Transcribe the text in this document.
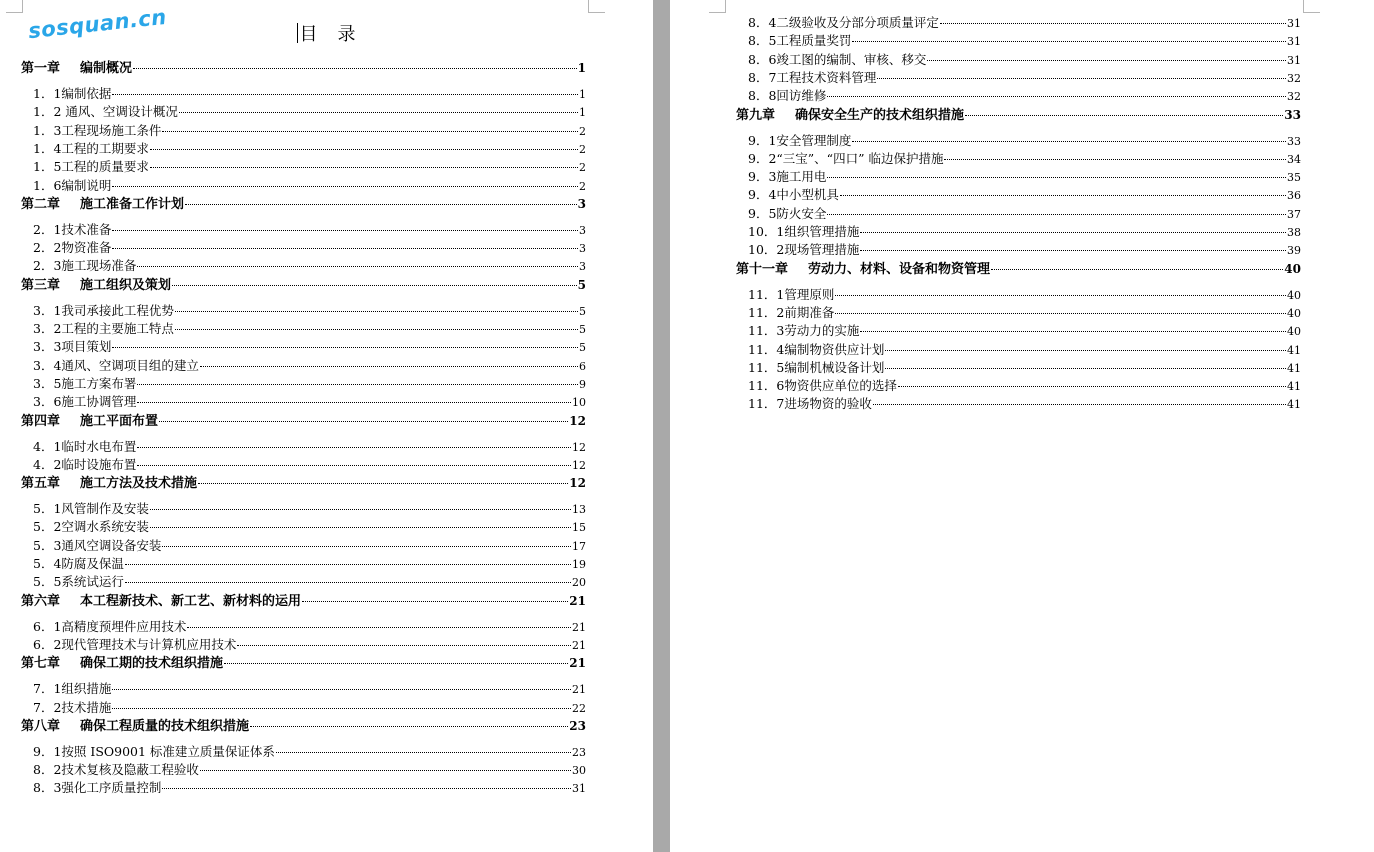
sosquan.cn	目　录
第一章 编制概况	1
1．1编制依据	1
1．2 通风、空调设计概况	1
1．3工程现场施工条件	2
1．4工程的工期要求	2
1．5工程的质量要求	2
1．6编制说明	2
第二章 施工准备工作计划	3
2．1技术准备	3
2．2物资准备	3
2．3施工现场准备	3
第三章 施工组织及策划	5
3．1我司承接此工程优势	5
3．2工程的主要施工特点	5
3．3项目策划	5
3．4通风、空调项目组的建立	6
3．5施工方案布署	9
3．6施工协调管理	10
第四章 施工平面布置	12
4．1临时水电布置	12
4．2临时设施布置	12
第五章 施工方法及技术措施	12
5．1风管制作及安装	13
5．2空调水系统安装	15
5．3通风空调设备安装	17
5．4防腐及保温	19
5．5系统试运行	20
第六章 本工程新技术、新工艺、新材料的运用	21
6．1高精度预埋件应用技术	21
6．2现代管理技术与计算机应用技术	21
第七章 确保工期的技术组织措施	21
7．1组织措施	21
7．2技术措施	22
第八章 确保工程质量的技术组织措施	23
9．1按照 ISO9001 标准建立质量保证体系	23
8．2技术复核及隐蔽工程验收	30
8．3强化工序质量控制	31
8．4二级验收及分部分项质量评定	31
8．5工程质量奖罚	31
8．6竣工图的编制、审核、移交	31
8．7工程技术资料管理	32
8．8回访维修	32
第九章 确保安全生产的技术组织措施	33
9．1安全管理制度	33
9．2“三宝”、“四口” 临边保护措施	34
9．3施工用电	35
9．4中小型机具	36
9．5防火安全	37
10．1组织管理措施	38
10．2现场管理措施	39
第十一章 劳动力、材料、设备和物资管理	40
11．1管理原则	40
11．2前期准备	40
11．3劳动力的实施	40
11．4编制物资供应计划	41
11．5编制机械设备计划	41
11．6物资供应单位的选择	41
11．7进场物资的验收	41
